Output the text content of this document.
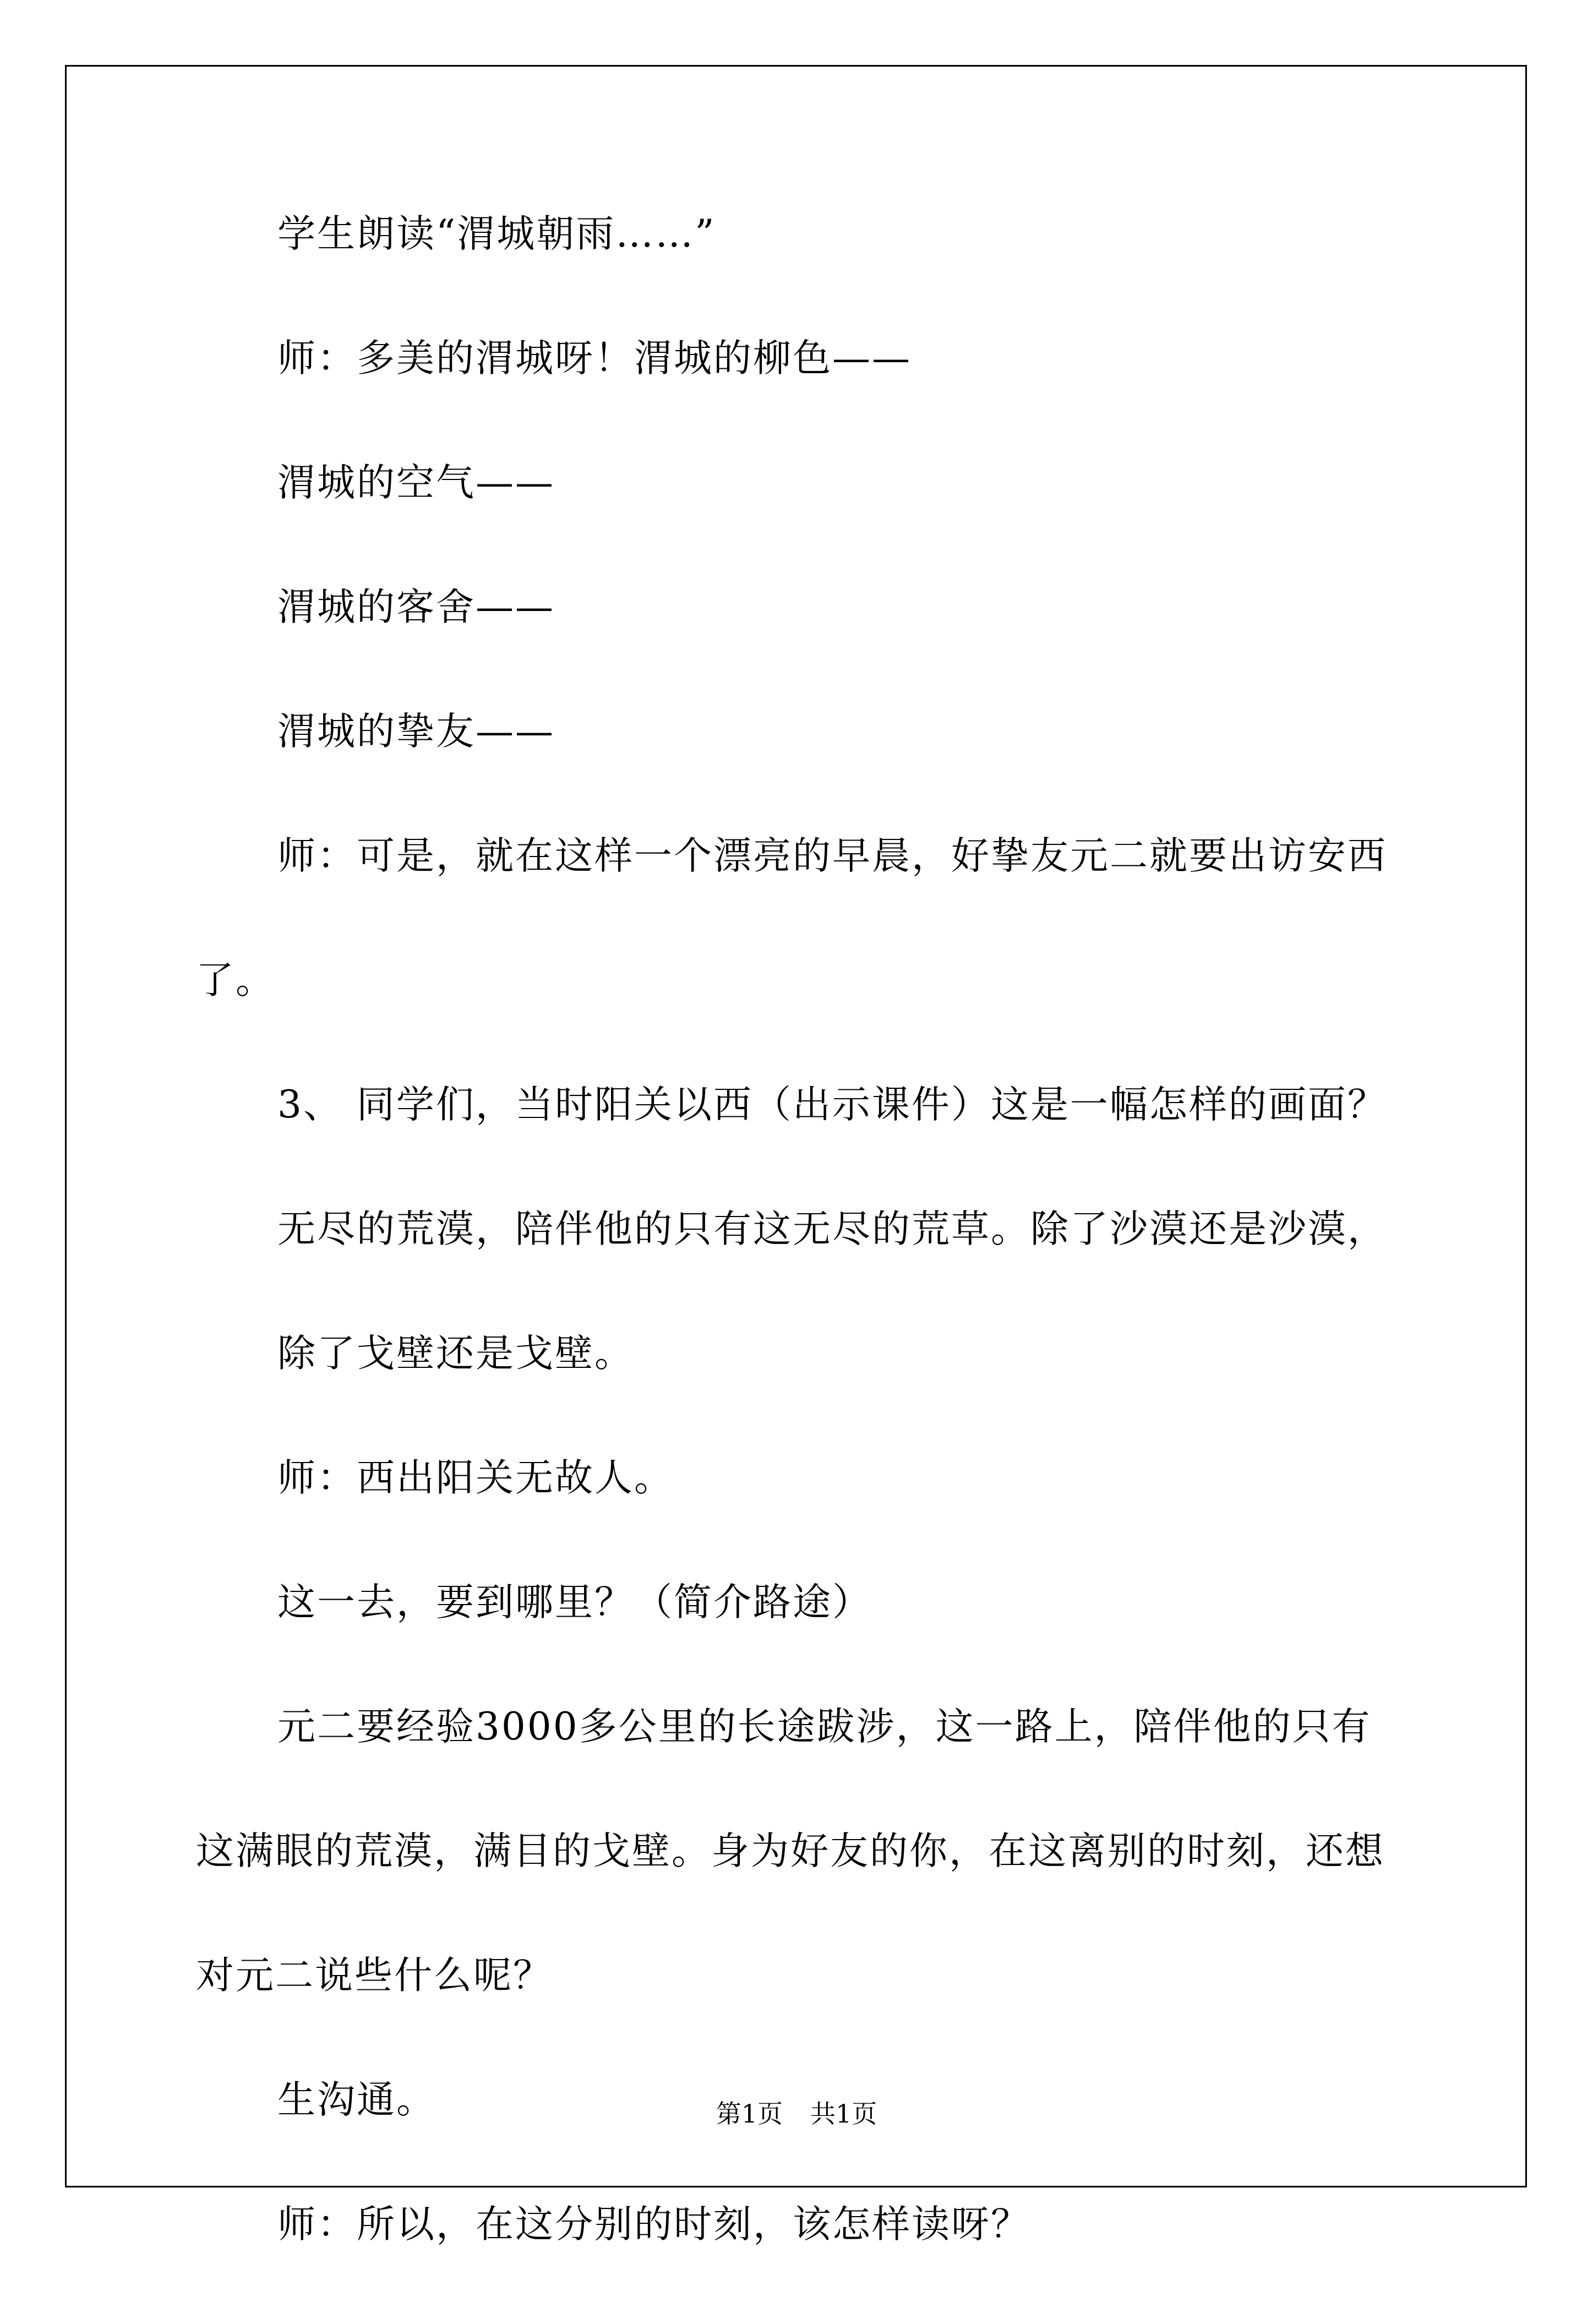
学生朗读“渭城朝雨……”

师：多美的渭城呀！渭城的柳色——

渭城的空气——

渭城的客舍——

渭城的挚友——

师：可是，就在这样一个漂亮的早晨，好挚友元二就要出访安西了。

3、 同学们，当时阳关以西（出示课件）这是一幅怎样的画面？

无尽的荒漠，陪伴他的只有这无尽的荒草。除了沙漠还是沙漠，

除了戈壁还是戈壁。

师：西出阳关无故人。

这一去，要到哪里？（简介路途）

元二要经验3000多公里的长途跋涉，这一路上，陪伴他的只有这满眼的荒漠，满目的戈壁。身为好友的你，在这离别的时刻，还想对元二说些什么呢？

生沟通。

师：所以，在这分别的时刻，该怎样读呀？

第1页 共1页
